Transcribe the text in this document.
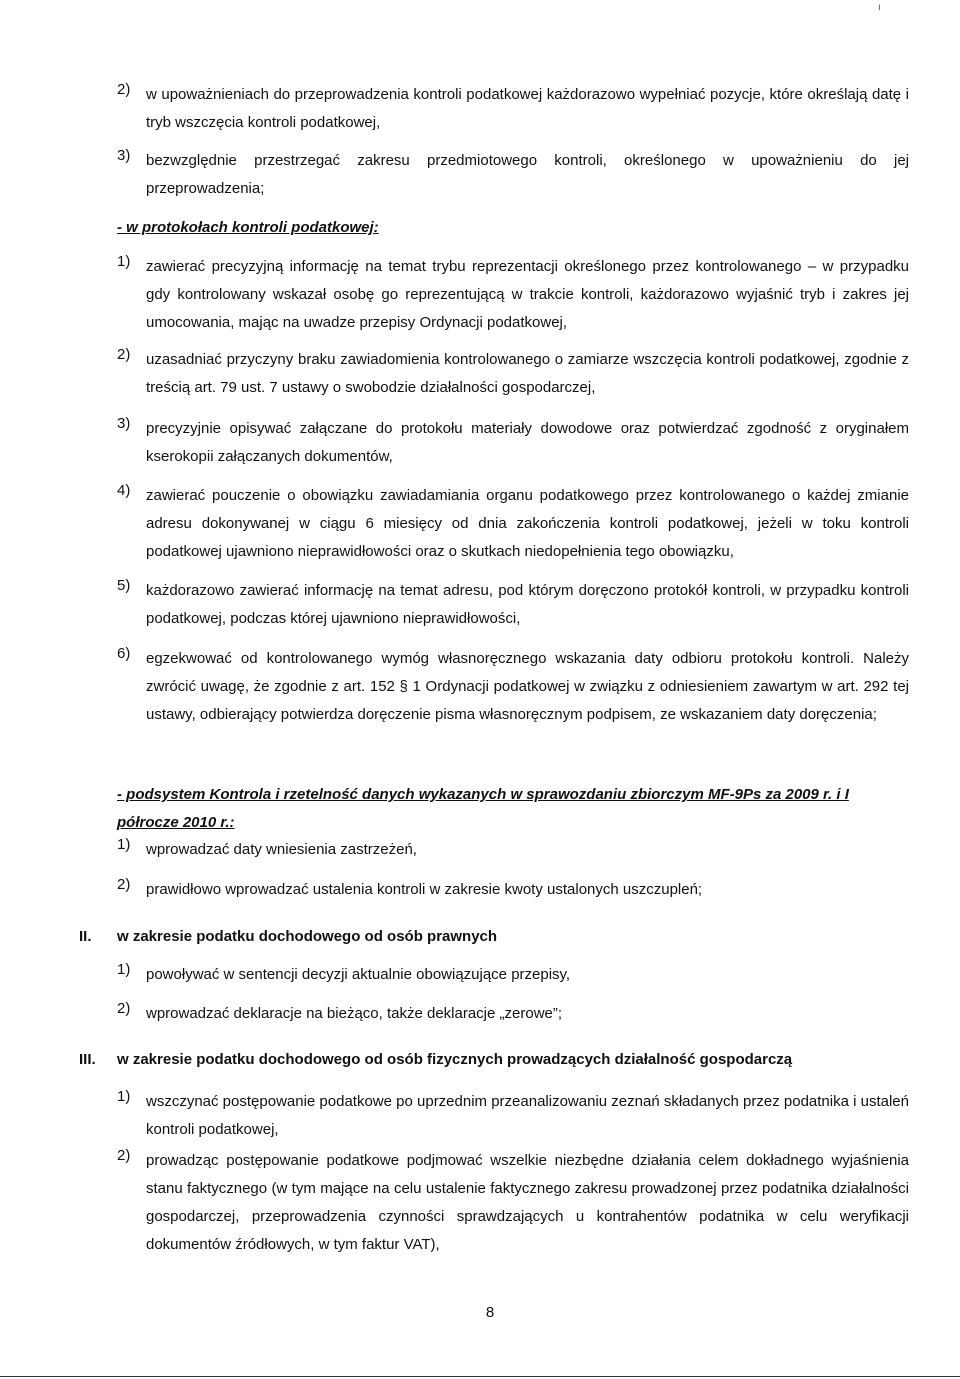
ı
2)	w upoważnieniach do przeprowadzenia kontroli podatkowej każdorazowo wypełniać pozycje, które określają datę i tryb wszczęcia kontroli podatkowej,
3)	bezwzględnie przestrzegać zakresu przedmiotowego kontroli, określonego w upoważnieniu do jej przeprowadzenia;
- w protokołach kontroli podatkowej:
1)	zawierać precyzyjną informację na temat trybu reprezentacji określonego przez kontrolowanego – w przypadku gdy kontrolowany wskazał osobę go reprezentującą w trakcie kontroli, każdorazowo wyjaśnić tryb i zakres jej umocowania, mając na uwadze przepisy Ordynacji podatkowej,
2)	uzasadniać przyczyny braku zawiadomienia kontrolowanego o zamiarze wszczęcia kontroli podatkowej, zgodnie z treścią art. 79 ust. 7 ustawy o swobodzie działalności gospodarczej,
3)	precyzyjnie opisywać załączane do protokołu materiały dowodowe oraz potwierdzać zgodność z oryginałem kserokopii załączanych dokumentów,
4)	zawierać pouczenie o obowiązku zawiadamiania organu podatkowego przez kontrolowanego o każdej zmianie adresu dokonywanej w ciągu 6 miesięcy od dnia zakończenia kontroli podatkowej, jeżeli w toku kontroli podatkowej ujawniono nieprawidłowości oraz o skutkach niedopełnienia tego obowiązku,
5)	każdorazowo zawierać informację na temat adresu, pod którym doręczono protokół kontroli, w przypadku kontroli podatkowej, podczas której ujawniono nieprawidłowości,
6)	egzekwować od kontrolowanego wymóg własnoręcznego wskazania daty odbioru protokołu kontroli. Należy zwrócić uwagę, że zgodnie z art. 152 § 1 Ordynacji podatkowej w związku z odniesieniem zawartym w art. 292 tej ustawy, odbierający potwierdza doręczenie pisma własnoręcznym podpisem, ze wskazaniem daty doręczenia;
- podsystem Kontrola i rzetelność danych wykazanych w sprawozdaniu zbiorczym MF-9Ps za 2009 r. i I półrocze 2010 r.:
1)	wprowadzać daty wniesienia zastrzeżeń,
2)	prawidłowo wprowadzać ustalenia kontroli w zakresie kwoty ustalonych uszczupleń;
II.	w zakresie podatku dochodowego od osób prawnych
1)	powoływać w sentencji decyzji aktualnie obowiązujące przepisy,
2)	wprowadzać deklaracje na bieżąco, także deklaracje „zerowe”;
III.	w zakresie podatku dochodowego od osób fizycznych prowadzących działalność gospodarczą
1)	wszczynać postępowanie podatkowe po uprzednim przeanalizowaniu zeznań składanych przez podatnika i ustaleń kontroli podatkowej,
2)	prowadząc postępowanie podatkowe podjmować wszelkie niezbędne działania celem dokładnego wyjaśnienia stanu faktycznego (w tym mające na celu ustalenie faktycznego zakresu prowadzonej przez podatnika działalności gospodarczej, przeprowadzenia czynności sprawdzających u kontrahentów podatnika w celu weryfikacji dokumentów źródłowych, w tym faktur VAT),
8
